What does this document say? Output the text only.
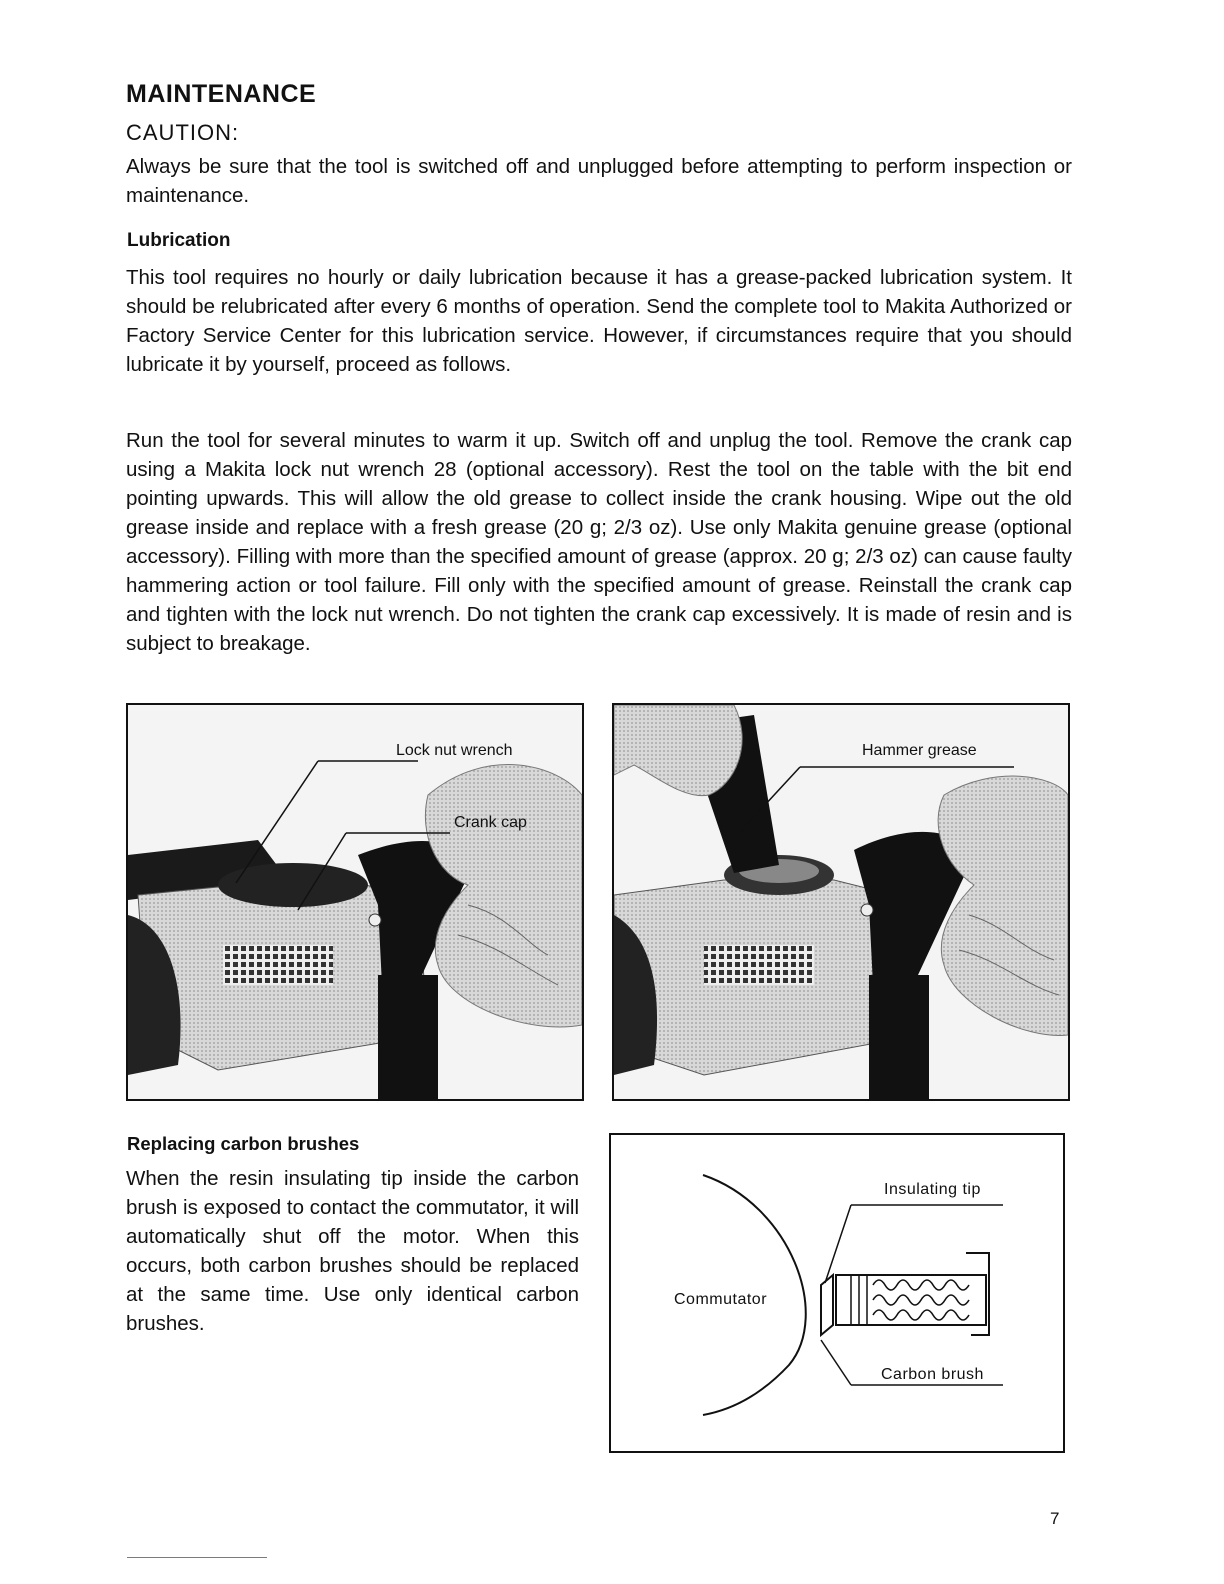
MAINTENANCE
CAUTION:

Always be sure that the tool is switched off and unplugged before attempting to perform inspection or maintenance.

Lubrication

This tool requires no hourly or daily lubrication because it has a grease-packed lubrication system. It should be relubricated after every 6 months of operation. Send the complete tool to Makita Authorized or Factory Service Center for this lubrication service. However, if circumstances require that you should lubricate it by yourself, proceed as follows.

Run the tool for several minutes to warm it up. Switch off and unplug the tool. Remove the crank cap using a Makita lock nut wrench 28 (optional accessory). Rest the tool on the table with the bit end pointing upwards. This will allow the old grease to collect inside the crank housing. Wipe out the old grease inside and replace with a fresh grease (20 g; 2/3 oz). Use only Makita genuine grease (optional accessory). Filling with more than the specified amount of grease (approx. 20 g; 2/3 oz) can cause faulty hammering action or tool failure. Fill only with the specified amount of grease. Reinstall the crank cap and tighten with the lock nut wrench. Do not tighten the crank cap excessively. It is made of resin and is subject to breakage.

Lock nut wrench
Crank cap
Hammer grease
Replacing carbon brushes

When the resin insulating tip inside the carbon brush is exposed to contact the commutator, it will automatically shut off the motor. When this occurs, both carbon brushes should be replaced at the same time. Use only identical carbon brushes.

Insulating tip
Commutator
Carbon brush
7
